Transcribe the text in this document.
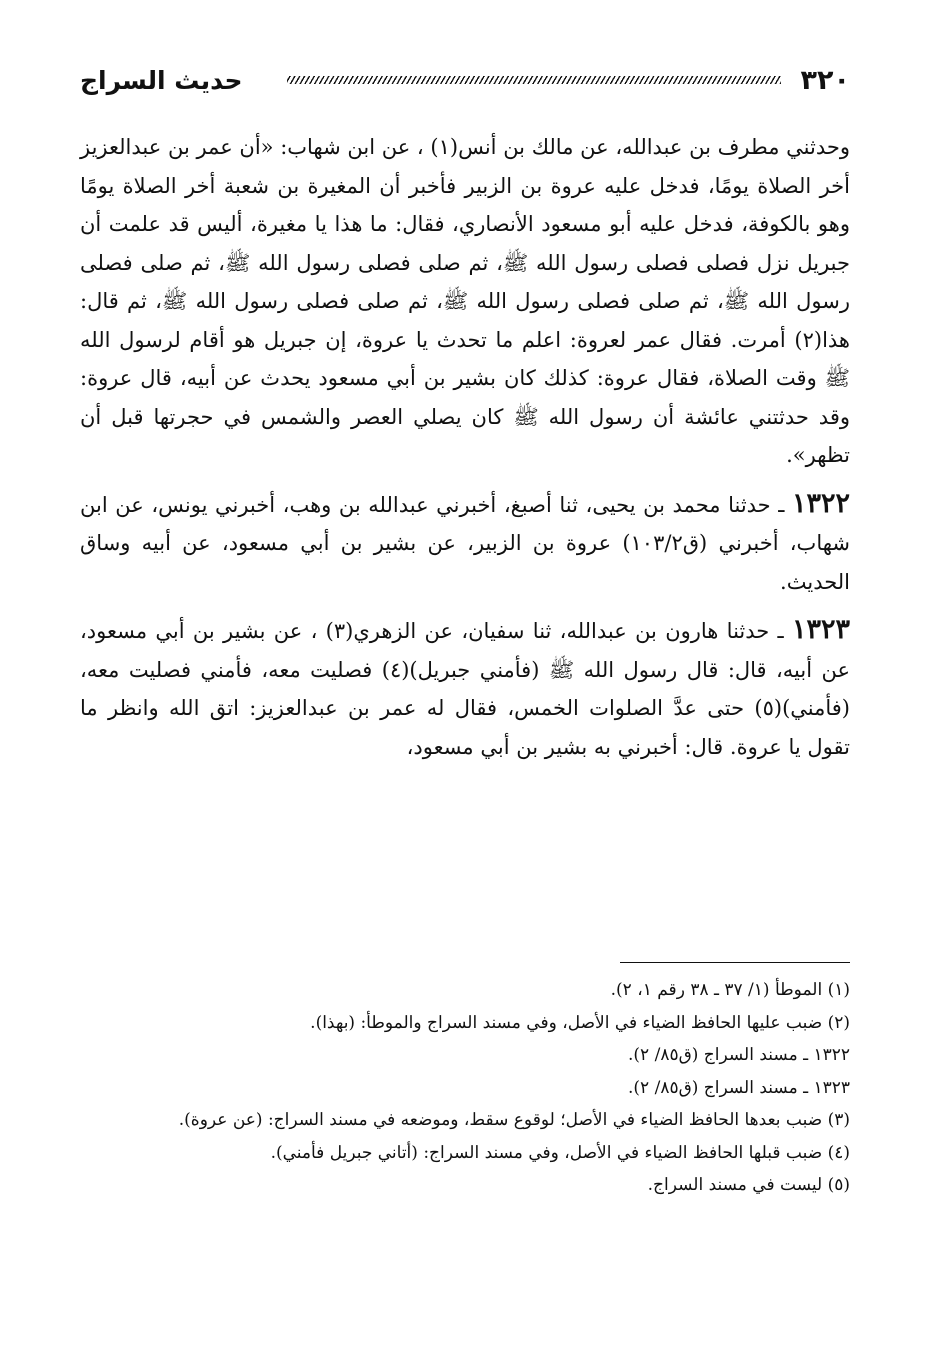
٣٢٠
حديث السراج

وحدثني مطرف بن عبدالله، عن مالك بن أنس(١) ، عن ابن شهاب: «أن عمر بن عبدالعزيز أخر الصلاة يومًا، فدخل عليه عروة بن الزبير فأخبر أن المغيرة بن شعبة أخر الصلاة يومًا وهو بالكوفة، فدخل عليه أبو مسعود الأنصاري، فقال: ما هذا يا مغيرة، أليس قد علمت أن جبريل نزل فصلى فصلى رسول الله ﷺ، ثم صلى فصلى رسول الله ﷺ، ثم صلى فصلى رسول الله ﷺ، ثم صلى فصلى رسول الله ﷺ، ثم صلى فصلى رسول الله ﷺ، ثم قال: هذا(٢) أمرت. فقال عمر لعروة: اعلم ما تحدث يا عروة، إن جبريل هو أقام لرسول الله ﷺ وقت الصلاة، فقال عروة: كذلك كان بشير بن أبي مسعود يحدث عن أبيه، قال عروة: وقد حدثتني عائشة أن رسول الله ﷺ كان يصلي العصر والشمس في حجرتها قبل أن تظهر».

١٣٢٢ ـ حدثنا محمد بن يحيى، ثنا أصبغ، أخبرني عبدالله بن وهب، أخبرني يونس، عن ابن شهاب، أخبرني (ق١٠٣/٢) عروة بن الزبير، عن بشير بن أبي مسعود، عن أبيه وساق الحديث.

١٣٢٣ ـ حدثنا هارون بن عبدالله، ثنا سفيان، عن الزهري(٣) ، عن بشير بن أبي مسعود، عن أبيه، قال: قال رسول الله ﷺ (فأمني جبريل)(٤) فصليت معه، فأمني فصليت معه، (فأمني)(٥) حتى عدَّ الصلوات الخمس، فقال له عمر بن عبدالعزيز: اتق الله وانظر ما تقول يا عروة. قال: أخبرني به بشير بن أبي مسعود،

(١) الموطأ (١/ ٣٧ ـ ٣٨ رقم ١، ٢).

(٢) ضبب عليها الحافظ الضياء في الأصل، وفي مسند السراج والموطأ: (بهذا).

١٣٢٢ ـ مسند السراج (ق٨٥/ ٢).

١٣٢٣ ـ مسند السراج (ق٨٥/ ٢).

(٣) ضبب بعدها الحافظ الضياء في الأصل؛ لوقوع سقط، وموضعه في مسند السراج: (عن عروة).

(٤) ضبب قبلها الحافظ الضياء في الأصل، وفي مسند السراج: (أتاني جبريل فأمني).

(٥) ليست في مسند السراج.
